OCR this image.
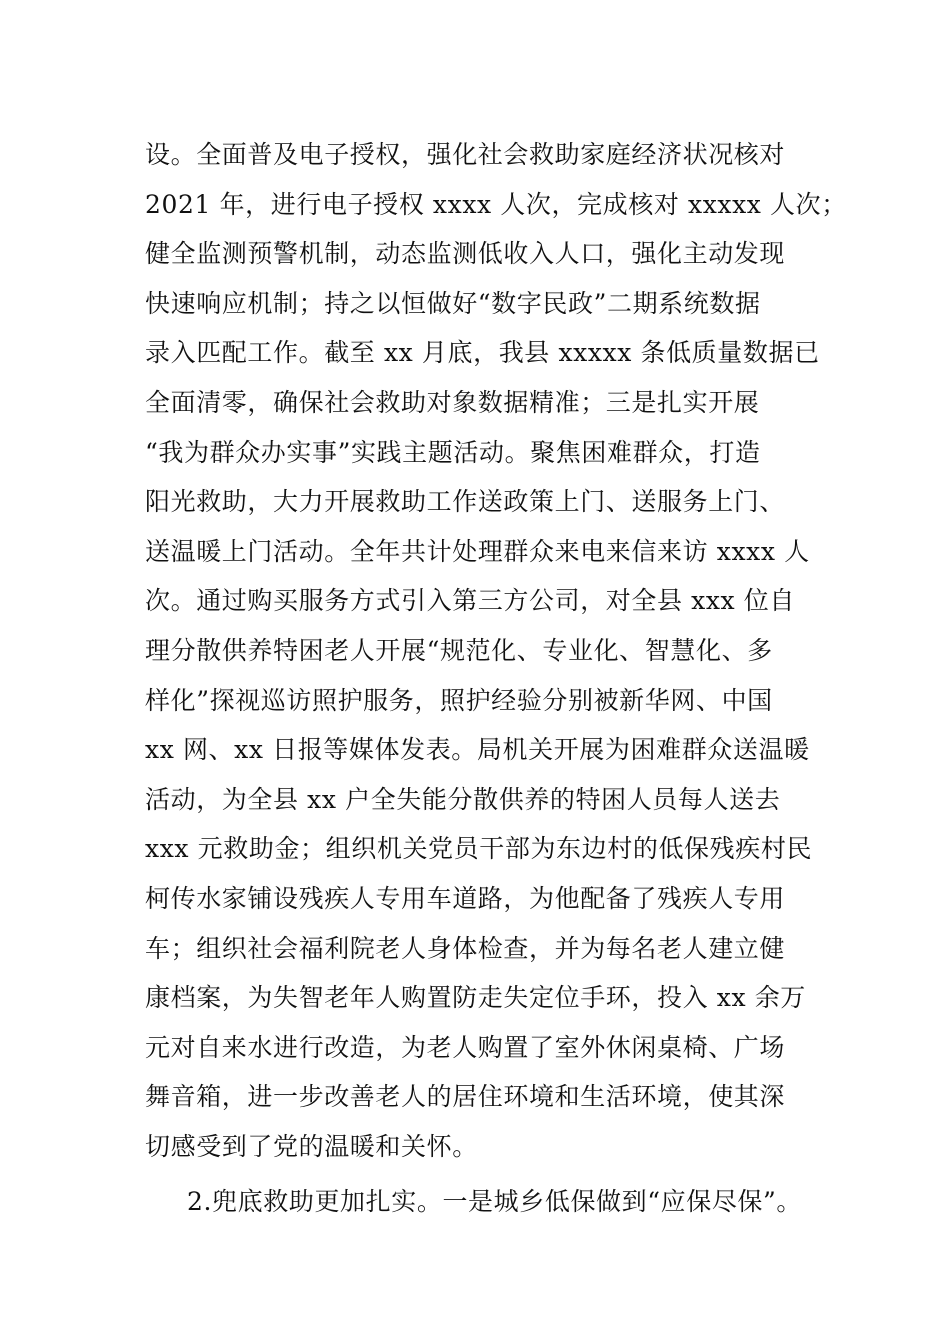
设。全面普及电子授权，强化社会救助家庭经济状况核对
2021 年，进行电子授权 xxxx 人次，完成核对 xxxxx 人次；
健全监测预警机制，动态监测低收入人口，强化主动发现
快速响应机制；持之以恒做好“数字民政”二期系统数据
录入匹配工作。截至 xx 月底，我县 xxxxx 条低质量数据已
全面清零，确保社会救助对象数据精准；三是扎实开展
“我为群众办实事”实践主题活动。聚焦困难群众，打造
阳光救助，大力开展救助工作送政策上门、送服务上门、
送温暖上门活动。全年共计处理群众来电来信来访 xxxx 人
次。通过购买服务方式引入第三方公司，对全县 xxx 位自
理分散供养特困老人开展“规范化、专业化、智慧化、多
样化”探视巡访照护服务，照护经验分别被新华网、中国
xx 网、xx 日报等媒体发表。局机关开展为困难群众送温暖
活动，为全县 xx 户全失能分散供养的特困人员每人送去
xxx 元救助金；组织机关党员干部为东边村的低保残疾村民
柯传水家铺设残疾人专用车道路，为他配备了残疾人专用
车；组织社会福利院老人身体检查，并为每名老人建立健
康档案，为失智老年人购置防走失定位手环，投入 xx 余万
元对自来水进行改造，为老人购置了室外休闲桌椅、广场
舞音箱，进一步改善老人的居住环境和生活环境，使其深
切感受到了党的温暖和关怀。
2.兜底救助更加扎实。一是城乡低保做到“应保尽保”。
